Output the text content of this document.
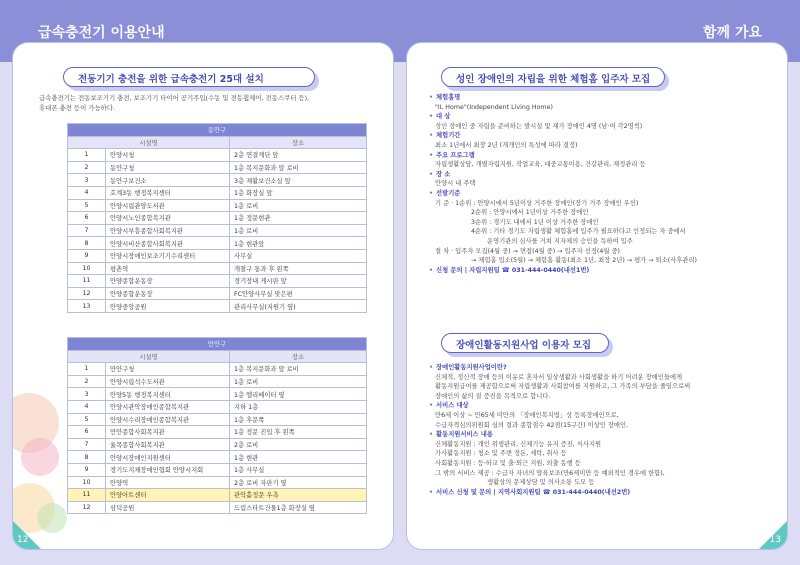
급속충전기 이용안내	함께 가요
전동기기 충전을 위한 급속충전기 25대 설치
급속충전기는 전동보조기기 충전, 보조기기 타이어 공기주입(수동 및 전동휠체어, 전동스쿠터 등),
휴대폰 충전 등이 가능하다.
동안구		
시설명		장소
1	안양시청	2층 연결계단 앞
2	동안구청	1층 복지문화과 앞 로비
3	동안구보건소	3층 재활보건소실 앞
4	호계3동 행정복지센터	1층 화장실 앞
5	안양시립관양도서관	1층 로비
6	안양시노인종합복지관	1층 정문현관
7	안양시부흥종합사회복지관	1층 로비
8	안양시비산종합사회복지관	1층 현관앞
9	안양시장애인보조기기수리센터	사무실
10	평촌역	개찰구 통과 후 왼쪽
11	안양종합운동장	경기장내 게시판 앞
12	안양종합운동장	FC안양사무실 맞은편
13	안양중앙공원	관리사무실(지원기 옆)
만안구		
시설명		장소
1	만안구청	1층 복지문화과 앞 로비
2	안양시립석수도서관	1층 로비
3	안양5동 행정복지센터	1층 엘리베이터 옆
4	안양시관악장애인종합복지관	지하 1층
5	안양시수리장애인종합복지관	1층 후문쪽
6	만안종합사회복지관	1층 정문 진입 후 왼쪽
7	율목종합사회복지관	2층 로비
8	안양시장애인지원센터	1층 현관
9	경기도지체장애인협회 안양시지회	1층 사무실
10	안양역	2층 로비 자판기 옆
11	안양아트센터	관악홀정문 우측
12	삼덕공원	드림스타트건물1층 화장실 옆
12
성인 장애인의 자립을 위한 체험홈 입주자 모집
• 체험홈명
"IL Home"(Independent Living Home)
• 대 상
성인 장애인 중 자립을 준비하는 발시설 및 재가 장애인 4명 (남·여 각2명씩)
• 체험기간
최소 1년에서 최장 2년 (개개인의 특성에 따라 결정)
• 주요 프로그램
자립생활상담, 개별자립지원, 작업교육, 대중교통이용, 건강관리, 재정관리 등
• 장 소
안양시 내 주택
• 선발기준
기 준 · 1순위 : 안양시에서 5년이상 거주한 장애인(장기 거주 장애인 우선)
2순위 : 안양시에서 1년이상 거주한 장애인
3순위 : 경기도 내에서 1년 이상 거주한 장애인
4순위 : 기타 경기도 자립생활 체험홈에 입주가 필요하다고 인정되는 자 중에서
운영기관의 심사를 거쳐 지자체의 승인을 득하여 입주
절 차 · 입주자 모집(4월 중) → 면접(4월 중) → 입주자 선정(4월 중)
→ 체험홈 입소(5월) → 체험홈 활동(최소 1년, 최장 2년) → 평가 → 퇴소(사후관리)
• 신청 문의 | 자립지원팀 ☎ 031-444-0440(내선1번)
장애인활동지원사업 이용자 모집
• 장애인활동지원사업이란?
신체적, 정신적 장애 등의 이유로 혼자서 일상생활과 사회생활을 하기 어려운 장애인들에게
활동지원급여를 제공함으로써 자립생활과 사회참여를 지원하고, 그 가족의 부담을 줄임으로써
장애인의 삶의 질 증진을 목적으로 합니다.
• 서비스 대상
만6세 이상 ~ 만65세 미만의 「장애인복지법」상 등록장애인으로,
수급자격심의위원회 심의 결과 종합점수 42점(15구간) 이상인 장애인.
• 활동지원서비스 내용
신체활동지원 : 개인 위생관리, 신체기능 유지 증진, 식사지원
가사활동지원 : 청소 및 주변 정돈, 세탁, 취사 등
사회활동지원 : 등·하교 및 출·퇴근 지원, 외출 동행 등
그 밖의 서비스 제공 : 수급자 자녀의 양육보조(만6세미만 등 예외적인 경우에 한함),
생활상의 문제상담 및 의사소통 도모 등
• 서비스 신청 및 문의 | 지역사회지원팀 ☎ 031-444-0440(내선2번)
13
